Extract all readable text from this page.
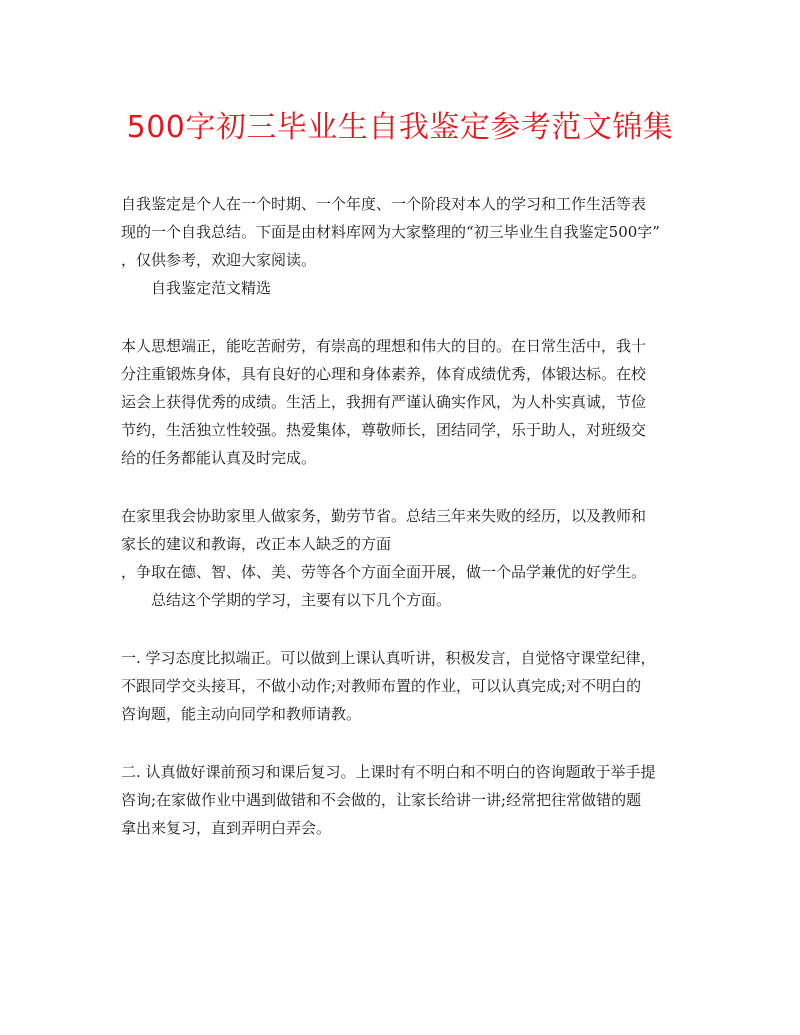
500字初三毕业生自我鉴定参考范文锦集

自我鉴定是个人在一个时期、一个年度、一个阶段对本人的学习和工作生活等表

现的一个自我总结。下面是由材料库网为大家整理的“初三毕业生自我鉴定500字”

，仅供参考，欢迎大家阅读。

自我鉴定范文精选

本人思想端正，能吃苦耐劳，有崇高的理想和伟大的目的。在日常生活中，我十

分注重锻炼身体，具有良好的心理和身体素养，体育成绩优秀，体锻达标。在校

运会上获得优秀的成绩。生活上，我拥有严谨认确实作风，为人朴实真诚，节俭

节约，生活独立性较强。热爱集体，尊敬师长，团结同学，乐于助人，对班级交

给的任务都能认真及时完成。

在家里我会协助家里人做家务，勤劳节省。总结三年来失败的经历，以及教师和

家长的建议和教诲，改正本人缺乏的方面

，争取在德、智、体、美、劳等各个方面全面开展，做一个品学兼优的好学生。

总结这个学期的学习，主要有以下几个方面。

一. 学习态度比拟端正。可以做到上课认真听讲，积极发言，自觉恪守课堂纪律，

不跟同学交头接耳，不做小动作;对教师布置的作业，可以认真完成;对不明白的

咨询题，能主动向同学和教师请教。

二. 认真做好课前预习和课后复习。上课时有不明白和不明白的咨询题敢于举手提

咨询;在家做作业中遇到做错和不会做的，让家长给讲一讲;经常把往常做错的题

拿出来复习，直到弄明白弄会。
